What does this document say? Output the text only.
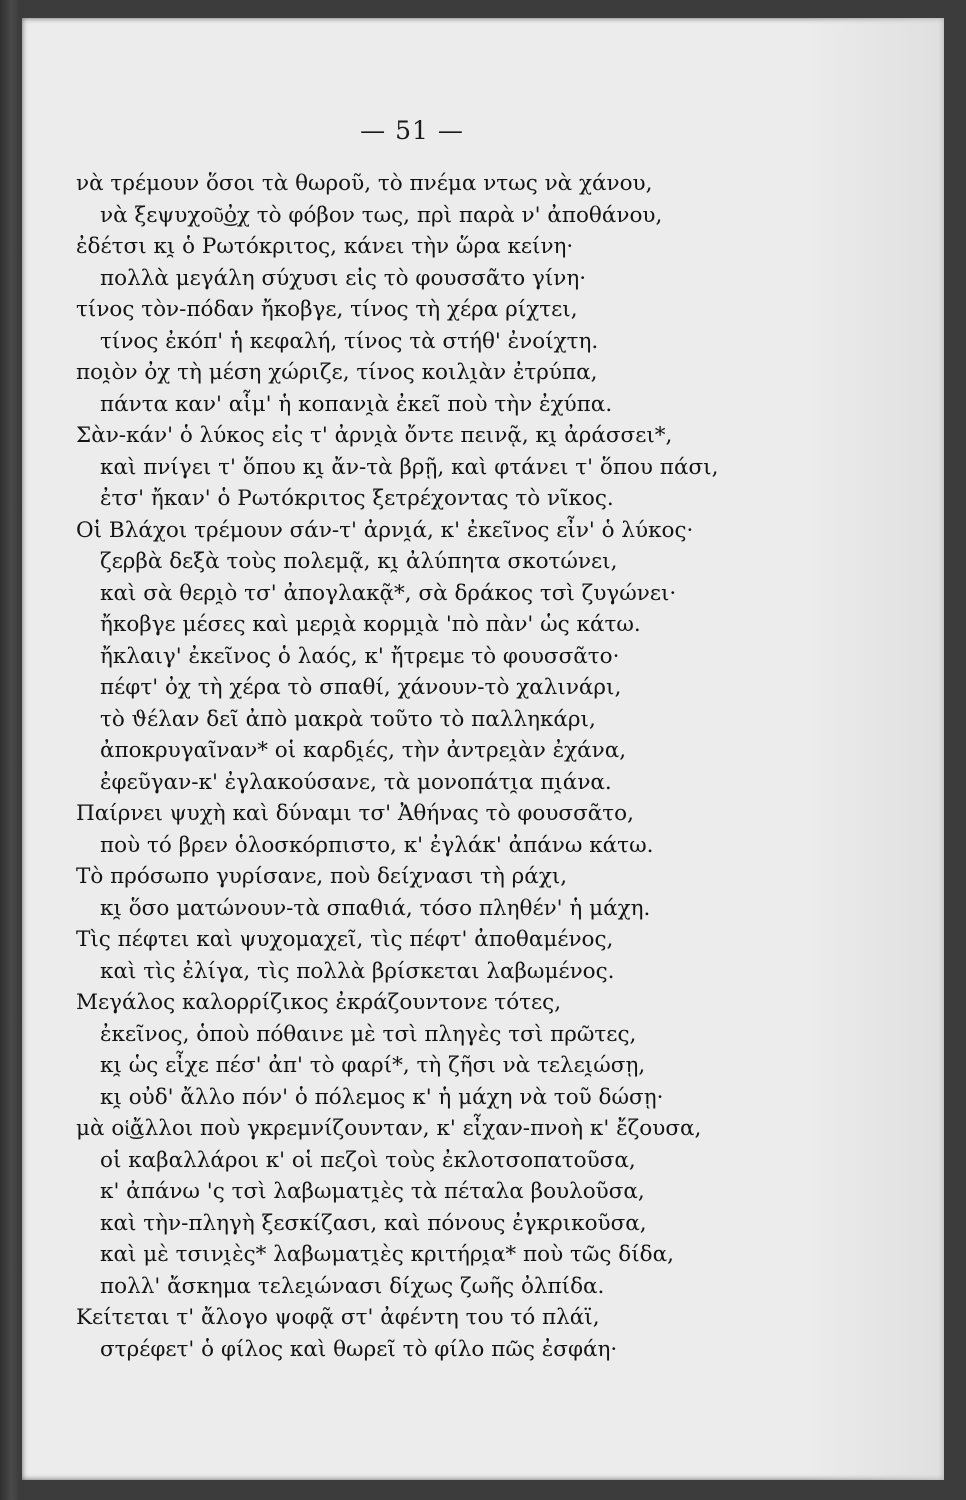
— 51 —
νὰ τρέμουν ὅσοι τὰ θωροῦ, τὸ πνέμα ντως νὰ χάνου,
νὰ ξεψυχοῦ͜ὀχ τὸ φόβον τως, πρὶ παρὰ ν' ἀποθάνου,
ἐδέτσι κι̯ ὁ Ρωτόκριτος, κάνει τὴν ὥρα κείνη·
πολλὰ μεγάλη σύχυσι εἰς τὸ φουσσᾶτο γίνη·
τίνος τὸν-πόδαν ἤκοβγε, τίνος τὴ χέρα ρίχτει,
τίνος ἐκόπ' ἡ κεφαλή, τίνος τὰ στήθ' ἐνοίχτη.
ποι̯ὸν ὀχ τὴ μέση χώριζε, τίνος κοιλι̯ὰν ἐτρύπα,
πάντα καν' αἷμ' ἡ κοπανι̯ὰ ἐκεῖ ποὺ τὴν ἐχύπα.
Σὰν-κάν' ὁ λύκος εἰς τ' ἀρνι̯ὰ ὄντε πεινᾷ, κι̯ ἀράσσει*,
καὶ πνίγει τ' ὅπου κι̯ ἄν-τὰ βρῇ, καὶ φτάνει τ' ὅπου πάσι,
ἐτσ' ἤκαν' ὁ Ρωτόκριτος ξετρέχοντας τὸ νῖκος.
Οἱ Βλάχοι τρέμουν σάν-τ' ἀρνι̯ά, κ' ἐκεῖνος εἶν' ὁ λύκος·
ζερβὰ δεξὰ τοὺς πολεμᾷ, κι̯ ἀλύπητα σκοτώνει,
καὶ σὰ θερι̯ὸ τσ' ἀπογλακᾷ*, σὰ δράκος τσὶ ζυγώνει·
ἤκοβγε μέσες καὶ μερι̯ὰ κορμι̯ὰ 'πὸ πὰν' ὡς κάτω.
ἤκλαιγ' ἐκεῖνος ὁ λαός, κ' ἤτρεμε τὸ φουσσᾶτο·
πέφτ' ὀχ τὴ χέρα τὸ σπαθί, χάνουν-τὸ χαλινάρι,
τὸ ϑέλαν δεῖ ἀπὸ μακρὰ τοῦτο τὸ παλληκάρι,
ἀποκρυγαῖναν* οἱ καρδι̯ές, τὴν ἀντρει̯ὰν ἐχάνα,
ἐφεῦγαν-κ' ἐγλακούσανε, τὰ μονοπάτι̯α πι̯άνα.
Παίρνει ψυχὴ καὶ δύναμι τσ' Ἀθήνας τὸ φουσσᾶτο,
ποὺ τό βρεν ὁλοσκόρπιστο, κ' ἐγλάκ' ἀπάνω κάτω.
Τὸ πρόσωπο γυρίσανε, ποὺ δείχνασι τὴ ράχι,
κι̯ ὅσο ματώνουν-τὰ σπαθιά, τόσο πληθέν' ἡ μάχη.
Τὶς πέφτει καὶ ψυχομαχεῖ, τὶς πέφτ' ἀποθαμένος,
καὶ τὶς ἐλίγα, τὶς πολλὰ βρίσκεται λαβωμένος.
Μεγάλος καλορρίζικος ἐκράζουντονε τότες,
ἐκεῖνος, ὁπoὺ πόθαινε μὲ τσὶ πληγὲς τσὶ πρῶτες,
κι̯ ὡς εἶχε πέσ' ἀπ' τὸ φαρί*, τὴ ζῆσι νὰ τελει̯ώσῃ,
κι̯ οὐδ' ἄλλο πόν' ὁ πόλεμος κ' ἡ μάχη νὰ τοῦ δώσῃ·
μὰ οἱ͜ἄλλοι ποὺ γκρεμνίζουνταν, κ' εἶχαν-πνοὴ κ' ἔζουσα,
οἱ καβαλλάροι κ' οἱ πεζοὶ τοὺς ἐκλοτσοπατοῦσα,
κ' ἀπάνω 'ς τσὶ λαβωματι̯ὲς τὰ πέταλα βουλοῦσα,
καὶ τὴν-πληγὴ ξεσκίζασι, καὶ πόνους ἐγκρικοῦσα,
καὶ μὲ τσινι̯ὲς* λαβωματι̯ὲς κριτήρι̯α* ποὺ τῶς δίδα,
πολλ' ἄσκημα τελει̯ώνασι δίχως ζωῆς ὀλπίδα.
Κείτεται τ' ἄλογο ψοφᾷ στ' ἀφέντη του τό πλάϊ,
στρέφετ' ὁ φίλος καὶ θωρεῖ τὸ φίλο πῶς ἐσφάη·
